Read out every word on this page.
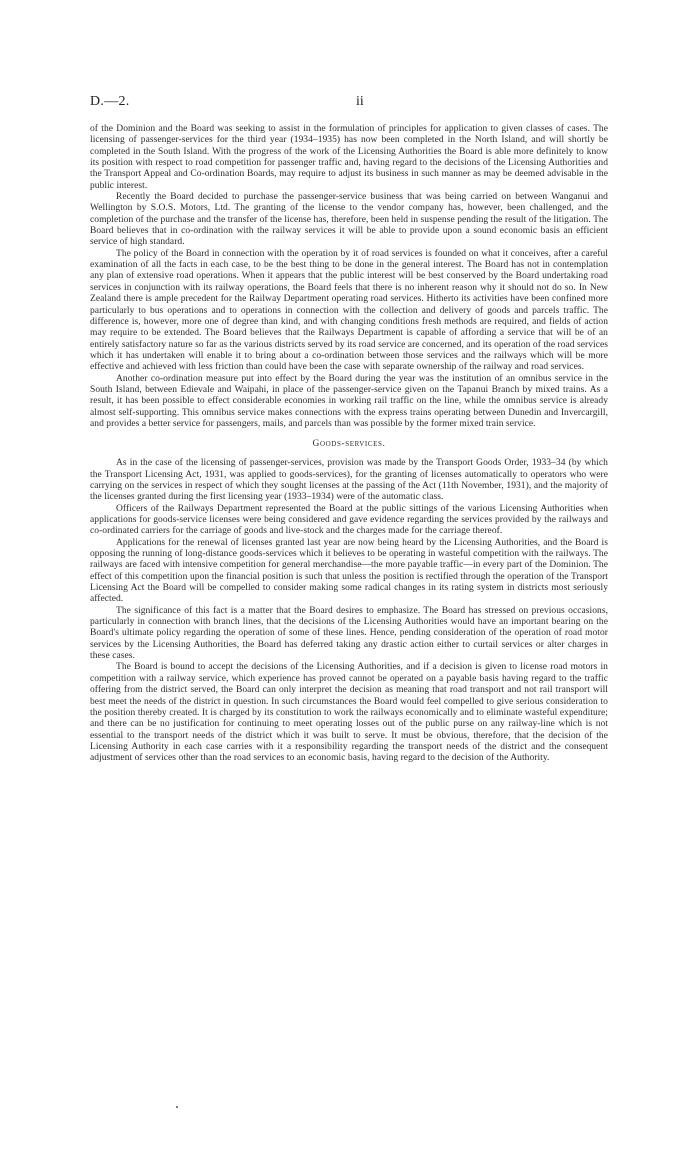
D.—2.	ii

of the Dominion and the Board was seeking to assist in the formulation of principles for application to given classes of cases. The licensing of passenger-services for the third year (1934–1935) has now been completed in the North Island, and will shortly be completed in the South Island. With the progress of the work of the Licensing Authorities the Board is able more definitely to know its position with respect to road competition for passenger traffic and, having regard to the decisions of the Licensing Authorities and the Transport Appeal and Co-ordination Boards, may require to adjust its business in such manner as may be deemed advisable in the public interest.

Recently the Board decided to purchase the passenger-service business that was being carried on between Wanganui and Wellington by S.O.S. Motors, Ltd. The granting of the license to the vendor company has, however, been challenged, and the completion of the purchase and the transfer of the license has, therefore, been held in suspense pending the result of the litigation. The Board believes that in co-ordination with the railway services it will be able to provide upon a sound economic basis an efficient service of high standard.

The policy of the Board in connection with the operation by it of road services is founded on what it conceives, after a careful examination of all the facts in each case, to be the best thing to be done in the general interest. The Board has not in contemplation any plan of extensive road operations. When it appears that the public interest will be best conserved by the Board undertaking road services in conjunction with its railway operations, the Board feels that there is no inherent reason why it should not do so. In New Zealand there is ample precedent for the Railway Department operating road services. Hitherto its activities have been confined more particularly to bus operations and to operations in connection with the collection and delivery of goods and parcels traffic. The difference is, however, more one of degree than kind, and with changing conditions fresh methods are required, and fields of action may require to be extended. The Board believes that the Railways Department is capable of affording a service that will be of an entirely satisfactory nature so far as the various districts served by its road service are concerned, and its operation of the road services which it has undertaken will enable it to bring about a co-ordination between those services and the railways which will be more effective and achieved with less friction than could have been the case with separate ownership of the railway and road services.

Another co-ordination measure put into effect by the Board during the year was the institution of an omnibus service in the South Island, between Edievale and Waipahi, in place of the passenger-service given on the Tapanui Branch by mixed trains. As a result, it has been possible to effect considerable economies in working rail traffic on the line, while the omnibus service is already almost self-supporting. This omnibus service makes connections with the express trains operating between Dunedin and Invercargill, and provides a better service for passengers, mails, and parcels than was possible by the former mixed train service.

Goods-services.

As in the case of the licensing of passenger-services, provision was made by the Transport Goods Order, 1933–34 (by which the Transport Licensing Act, 1931, was applied to goods-services), for the granting of licenses automatically to operators who were carrying on the services in respect of which they sought licenses at the passing of the Act (11th November, 1931), and the majority of the licenses granted during the first licensing year (1933–1934) were of the automatic class.

Officers of the Railways Department represented the Board at the public sittings of the various Licensing Authorities when applications for goods-service licenses were being considered and gave evidence regarding the services provided by the railways and co-ordinated carriers for the carriage of goods and live-stock and the charges made for the carriage thereof.

Applications for the renewal of licenses granted last year are now being heard by the Licensing Authorities, and the Board is opposing the running of long-distance goods-services which it believes to be operating in wasteful competition with the railways. The railways are faced with intensive competition for general merchandise—the more payable traffic—in every part of the Dominion. The effect of this competition upon the financial position is such that unless the position is rectified through the operation of the Transport Licensing Act the Board will be compelled to consider making some radical changes in its rating system in districts most seriously affected.

The significance of this fact is a matter that the Board desires to emphasize. The Board has stressed on previous occasions, particularly in connection with branch lines, that the decisions of the Licensing Authorities would have an important bearing on the Board's ultimate policy regarding the operation of some of these lines. Hence, pending consideration of the operation of road motor services by the Licensing Authorities, the Board has deferred taking any drastic action either to curtail services or alter charges in these cases.

The Board is bound to accept the decisions of the Licensing Authorities, and if a decision is given to license road motors in competition with a railway service, which experience has proved cannot be operated on a payable basis having regard to the traffic offering from the district served, the Board can only interpret the decision as meaning that road transport and not rail transport will best meet the needs of the district in question. In such circumstances the Board would feel compelled to give serious consideration to the position thereby created. It is charged by its constitution to work the railways economically and to eliminate wasteful expenditure; and there can be no justification for continuing to meet operating losses out of the public purse on any railway-line which is not essential to the transport needs of the district which it was built to serve. It must be obvious, therefore, that the decision of the Licensing Authority in each case carries with it a responsibility regarding the transport needs of the district and the consequent adjustment of services other than the road services to an economic basis, having regard to the decision of the Authority.
